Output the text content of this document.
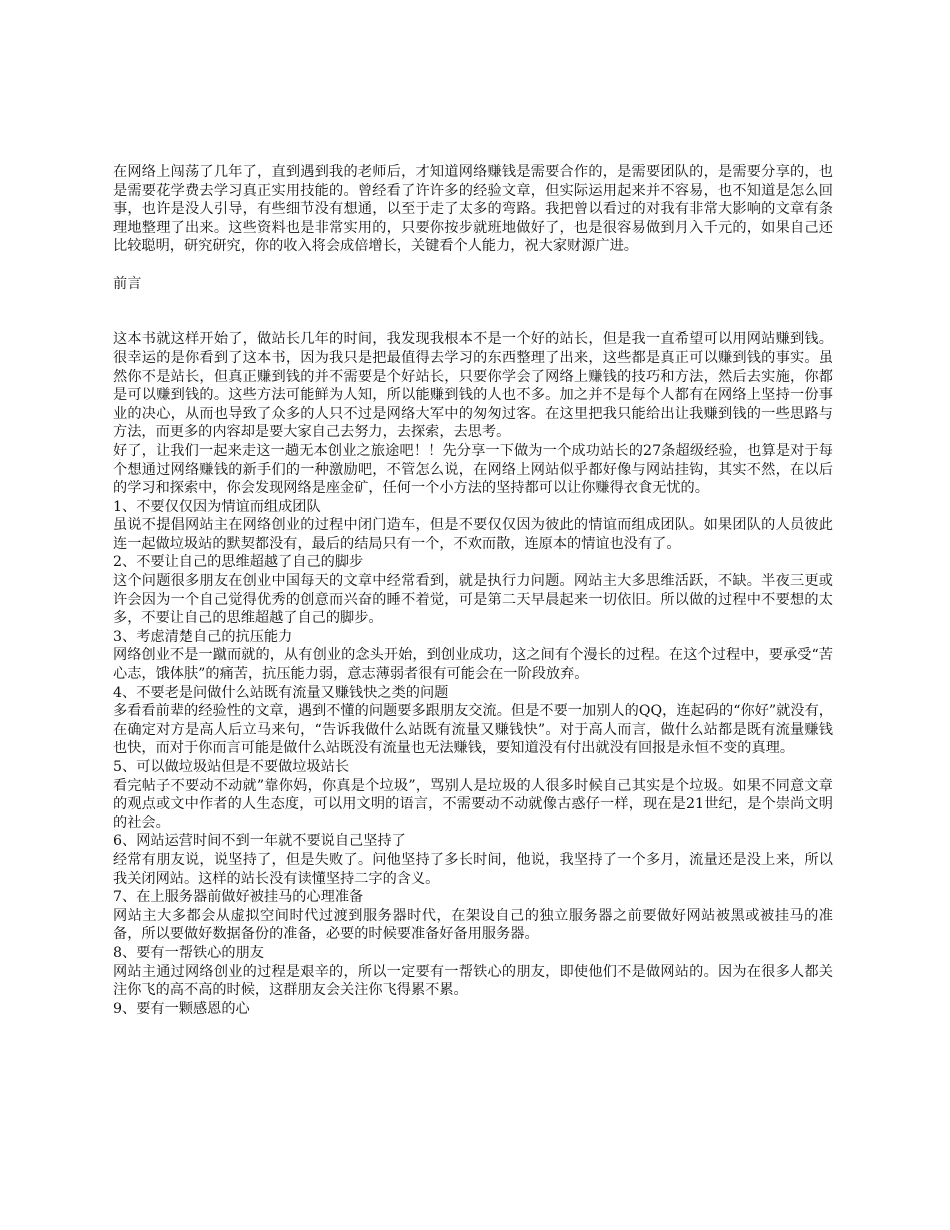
在网络上闯荡了几年了，直到遇到我的老师后，才知道网络赚钱是需要合作的，是需要团队的，是需要分享的，也是需要花学费去学习真正实用技能的。曾经看了许许多的经验文章，但实际运用起来并不容易，也不知道是怎么回事，也许是没人引导，有些细节没有想通，以至于走了太多的弯路。我把曾以看过的对我有非常大影响的文章有条理地整理了出来。这些资料也是非常实用的，只要你按步就班地做好了，也是很容易做到月入千元的，如果自己还比较聪明，研究研究，你的收入将会成倍增长，关键看个人能力，祝大家财源广进。

前言

这本书就这样开始了，做站长几年的时间，我发现我根本不是一个好的站长，但是我一直希望可以用网站赚到钱。很幸运的是你看到了这本书，因为我只是把最值得去学习的东西整理了出来，这些都是真正可以赚到钱的事实。虽然你不是站长，但真正赚到钱的并不需要是个好站长，只要你学会了网络上赚钱的技巧和方法，然后去实施，你都是可以赚到钱的。这些方法可能鲜为人知，所以能赚到钱的人也不多。加之并不是每个人都有在网络上坚持一份事业的决心，从而也导致了众多的人只不过是网络大军中的匆匆过客。在这里把我只能给出让我赚到钱的一些思路与方法，而更多的内容却是要大家自己去努力，去探索，去思考。

好了，让我们一起来走这一趟无本创业之旅途吧！！先分享一下做为一个成功站长的27条超级经验，也算是对于每个想通过网络赚钱的新手们的一种激励吧，不管怎么说，在网络上网站似乎都好像与网站挂钩，其实不然，在以后的学习和探索中，你会发现网络是座金矿，任何一个小方法的坚持都可以让你赚得衣食无忧的。

1、不要仅仅因为情谊而组成团队

虽说不提倡网站主在网络创业的过程中闭门造车，但是不要仅仅因为彼此的情谊而组成团队。如果团队的人员彼此连一起做垃圾站的默契都没有，最后的结局只有一个，不欢而散，连原本的情谊也没有了。

2、不要让自己的思维超越了自己的脚步

这个问题很多朋友在创业中国每天的文章中经常看到，就是执行力问题。网站主大多思维活跃，不缺。半夜三更或许会因为一个自己觉得优秀的创意而兴奋的睡不着觉，可是第二天早晨起来一切依旧。所以做的过程中不要想的太多，不要让自己的思维超越了自己的脚步。

3、考虑清楚自己的抗压能力

网络创业不是一蹴而就的，从有创业的念头开始，到创业成功，这之间有个漫长的过程。在这个过程中，要承受“苦心志，饿体肤”的痛苦，抗压能力弱，意志薄弱者很有可能会在一阶段放弃。

4、不要老是问做什么站既有流量又赚钱快之类的问题

多看看前辈的经验性的文章，遇到不懂的问题要多跟朋友交流。但是不要一加别人的QQ，连起码的“你好”就没有，在确定对方是高人后立马来句，“告诉我做什么站既有流量又赚钱快”。对于高人而言，做什么站都是既有流量赚钱也快，而对于你而言可能是做什么站既没有流量也无法赚钱，要知道没有付出就没有回报是永恒不变的真理。

5、可以做垃圾站但是不要做垃圾站长

看完帖子不要动不动就”靠你妈，你真是个垃圾”，骂别人是垃圾的人很多时候自己其实是个垃圾。如果不同意文章的观点或文中作者的人生态度，可以用文明的语言，不需要动不动就像古惑仔一样，现在是21世纪，是个崇尚文明的社会。

6、网站运营时间不到一年就不要说自己坚持了

经常有朋友说，说坚持了，但是失败了。问他坚持了多长时间，他说，我坚持了一个多月，流量还是没上来，所以我关闭网站。这样的站长没有读懂坚持二字的含义。

7、在上服务器前做好被挂马的心理准备

网站主大多都会从虚拟空间时代过渡到服务器时代，在架设自己的独立服务器之前要做好网站被黑或被挂马的准备，所以要做好数据备份的准备，必要的时候要准备好备用服务器。

8、要有一帮铁心的朋友

网站主通过网络创业的过程是艰辛的，所以一定要有一帮铁心的朋友，即使他们不是做网站的。因为在很多人都关注你飞的高不高的时候，这群朋友会关注你飞得累不累。

9、要有一颗感恩的心
